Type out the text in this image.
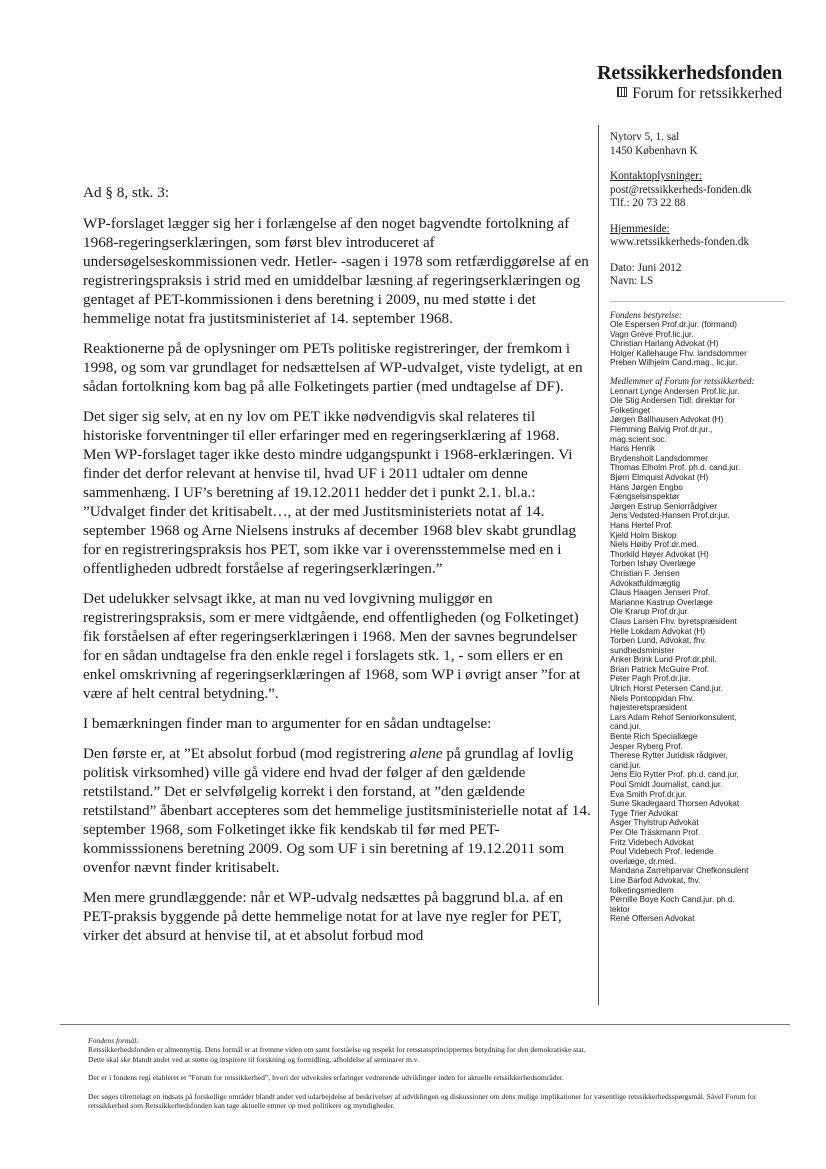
Retssikkerhedsfonden
Forum for retssikkerhed

Ad § 8, stk. 3:

WP-forslaget lægger sig her i forlængelse af den noget bagvendte fortolkning af 1968-regeringserklæringen, som først blev introduceret af undersøgelseskommissionen vedr. Hetler- -sagen i 1978 som retfærdiggørelse af en registreringspraksis i strid med en umiddelbar læsning af regeringserklæringen og gentaget af PET-kommissionen i dens beretning i 2009, nu med støtte i det hemmelige notat fra justitsministeriet af 14. september 1968.

Reaktionerne på de oplysninger om PETs politiske registreringer, der fremkom i 1998, og som var grundlaget for nedsættelsen af WP-udvalget, viste tydeligt, at en sådan fortolkning kom bag på alle Folketingets partier (med undtagelse af DF).

Det siger sig selv, at en ny lov om PET ikke nødvendigvis skal relateres til historiske forventninger til eller erfaringer med en regeringserklæring af 1968. Men WP-forslaget tager ikke desto mindre udgangspunkt i 1968-erklæringen. Vi finder det derfor relevant at henvise til, hvad UF i 2011 udtaler om denne sammenhæng. I UF’s beretning af 19.12.2011 hedder det i punkt 2.1. bl.a.: ”Udvalget finder det kritisabelt…, at der med Justitsministeriets notat af 14. september 1968 og Arne Nielsens instruks af december 1968 blev skabt grundlag for en registreringspraksis hos PET, som ikke var i overensstemmelse med en i offentligheden udbredt forståelse af regeringserklæringen.”

Det udelukker selvsagt ikke, at man nu ved lovgivning muliggør en registreringspraksis, som er mere vidtgående, end offentligheden (og Folketinget) fik forståelsen af efter regeringserklæringen i 1968. Men der savnes begrundelser for en sådan undtagelse fra den enkle regel i forslagets stk. 1, - som ellers er en enkel omskrivning af regeringserklæringen af 1968, som WP i øvrigt anser ”for at være af helt central betydning.”.

I bemærkningen finder man to argumenter for en sådan undtagelse:

Den første er, at ”Et absolut forbud (mod registrering alene på grundlag af lovlig politisk virksomhed) ville gå videre end hvad der følger af den gældende retstilstand.” Det er selvfølgelig korrekt i den forstand, at ”den gældende retstilstand” åbenbart accepteres som det hemmelige justitsministerielle notat af 14. september 1968, som Folketinget ikke fik kendskab til før med PET-kommisssionens beretning 2009. Og som UF i sin beretning af 19.12.2011 som ovenfor nævnt finder kritisabelt.

Men mere grundlæggende: når et WP-udvalg nedsættes på baggrund bl.a. af en PET-praksis byggende på dette hemmelige notat for at lave nye regler for PET, virker det absurd at henvise til, at et absolut forbud mod

Nytorv 5, 1. sal
1450 København K
Kontaktoplysninger:
post@retssikkerheds-fonden.dk
Tlf.: 20 73 22 88
Hjemmeside:
www.retssikkerheds-fonden.dk
Dato: Juni 2012
Navn: LS
Fondens bestyrelse:
Ole Espersen Prof.dr.jur. (formand)
Vagn Greve Prof.lic.jur.
Christian Harlang Advokat (H)
Holger Kallehauge Fhv. landsdommer
Preben Wilhjelm Cand.mag., lic.jur.
Medlemmer af Forum for retssikkerhed:
Lennart Lynge Andersen Prof.lic.jur.
Ole Stig Andersen Tidl. direktør for
Folketinget
Jørgen Ballhausen Advokat (H)
Flemming Balvig Prof.dr.jur.,
mag.scient.soc.
Hans Henrik
Brydensholt Landsdommer
Thomas Elholm Prof. ph.d. cand.jur.
Bjørn Elmquist Advokat (H)
Hans Jørgen Engbo
Fængselsinspektør
Jørgen Estrup Seniorrådgiver
Jens Vedsted-Hansen Prof.dr.jur.
Hans Hertel Prof.
Kjeld Holm Biskop
Niels Høiby Prof.dr.med.
Thorkild Høyer Advokat (H)
Torben Ishøy Overlæge
Christian F. Jensen
Advokatfuldmægtig
Claus Haagen Jensen Prof.
Marianne Kastrup Overlæge
Ole Krarup Prof.dr.jur.
Claus Larsen Fhv. byretspræsident
Helle Lokdam Advokat (H)
Torben Lund, Advokat, fhv.
sundhedsminister
Anker Brink Lund Prof.dr.phil.
Brian Patrick McGuire Prof.
Peter Pagh Prof.dr.jur.
Ulrich Horst Petersen Cand.jur.
Niels Pontoppidan Fhv.
højesteretspræsident
Lars Adam Rehof Seniorkonsulent,
cand.jur.
Bente Rich Speciallæge
Jesper Ryberg Prof.
Therese Rytter Juridisk rådgiver,
cand.jur.
Jens Elo Rytter Prof. ph.d. cand.jur.
Poul Smidt Journalist, cand.jur.
Eva Smith Prof.dr.jur.
Sune Skadegaard Thorsen Advokat
Tyge Trier Advokat
Asger Thylstrup Advokat
Per Ole Träskmann Prof.
Fritz Videbech Advokat
Poul Videbech Prof. ledende
overlæge, dr.med.
Mandana Zarrehparvar Chefkonsulent
Line Barfod Advokat, fhv.
folketingsmedlem
Pernille Boye Koch Cand.jur. ph.d.
lektor
René Offersen Advokat
Fondens formål:

Retssikkerhedsfonden er almennyttig. Dens formål er at fremme viden om samt forståelse og respekt for retsstatsprincippernes betydning for den demokratiske stat.
Dette skal ske blandt andet ved at støtte og inspirere til forskning og formidling, afholdelse af seminarer m.v.

Der er i fondens regi etableret et ”Forum for retssikkerhed”, hvori der udveksles erfaringer vedrørende udviklinger inden for aktuelle retssikkerhedsområder.

Der søges tilrettelagt en indsats på forskellige områder blandt andet ved udarbejdelse af beskrivelser af udviklingen og diskussioner om dens mulige implikationer for væsentlige retssikkerhedsspørgsmål. Såvel Forum for retssikkerhed som Retssikkerhedsfonden kan tage aktuelle emner op med politikere og myndigheder.
